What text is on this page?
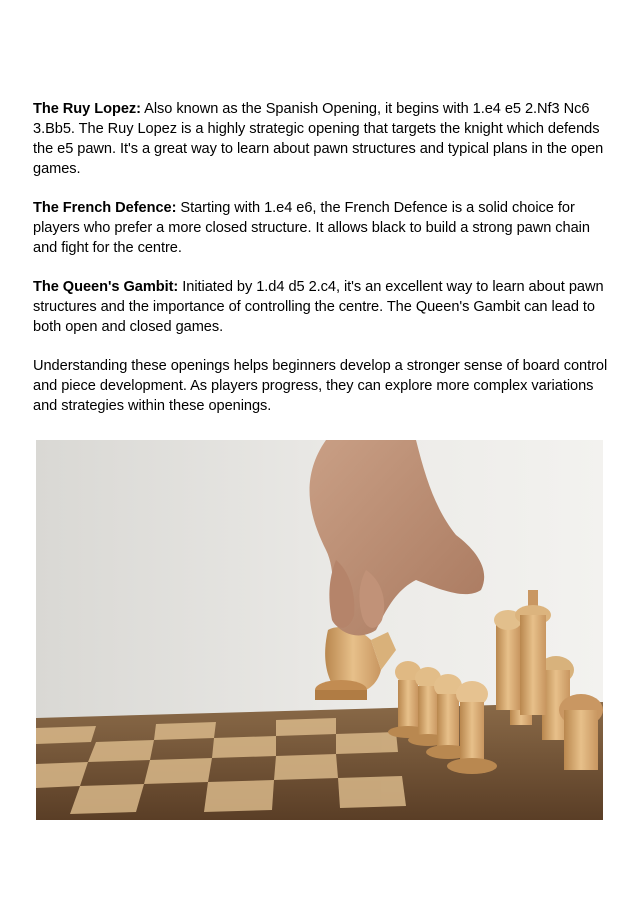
The Ruy Lopez: Also known as the Spanish Opening, it begins with 1.e4 e5 2.Nf3 Nc6 3.Bb5. The Ruy Lopez is a highly strategic opening that targets the knight which defends the e5 pawn. It's a great way to learn about pawn structures and typical plans in the open games.

The French Defence: Starting with 1.e4 e6, the French Defence is a solid choice for players who prefer a more closed structure. It allows black to build a strong pawn chain and fight for the centre.

The Queen's Gambit: Initiated by 1.d4 d5 2.c4, it's an excellent way to learn about pawn structures and the importance of controlling the centre. The Queen's Gambit can lead to both open and closed games.

Understanding these openings helps beginners develop a stronger sense of board control and piece development. As players progress, they can explore more complex variations and strategies within these openings.
